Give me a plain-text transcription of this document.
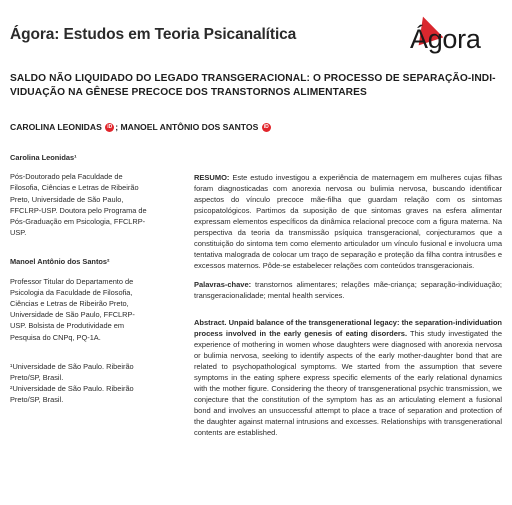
Ágora: Estudos em Teoria Psicanalítica	Ágora
SALDO NÃO LIQUIDADO DO LEGADO TRANSGERACIONAL: O PROCESSO DE SEPARAÇÃO-INDI-VIDUAÇÃO NA GÊNESE PRECOCE DOS TRANSTORNOS ALIMENTARES
CAROLINA LEONIDAS iD ; MANOEL ANTÔNIO DOS SANTOS iD
Carolina Leonidas¹
Pós-Doutorado pela Faculdade de Filosofia, Ciências e Letras de Ribeirão Preto, Universidade de São Paulo, FFCLRP-USP. Doutora pelo Programa de Pós-Graduação em Psicologia, FFCLRP-USP.
Manoel Antônio dos Santos²
Professor Titular do Departamento de Psicologia da Faculdade de Filosofia, Ciências e Letras de Ribeirão Preto, Universidade de São Paulo, FFCLRP-USP. Bolsista de Produtividade em Pesquisa do CNPq, PQ-1A.
¹Universidade de São Paulo. Ribeirão Preto/SP, Brasil.
²Universidade de São Paulo. Ribeirão Preto/SP, Brasil.

RESUMO: Este estudo investigou a experiência de maternagem em mulheres cujas filhas foram diagnosticadas com anorexia nervosa ou bulimia nervosa, buscando identificar aspectos do vínculo precoce mãe-filha que guardam relação com os sintomas psicopatológicos. Partimos da suposição de que sintomas graves na esfera alimentar expressam elementos específicos da dinâmica relacional precoce com a figura materna. Na perspectiva da teoria da transmissão psíquica transgeracional, conjecturamos que a constituição do sintoma tem como elemento articulador um vínculo fusional e involucra uma tentativa malograda de colocar um traço de separação e proteção da filha contra intrusões e excessos maternos. Pôde-se estabelecer relações com conteúdos transgeracionais.

Palavras-chave: transtornos alimentares; relações mãe-criança; separação-individuação; transgeracionalidade; mental health services.

Abstract. Unpaid balance of the transgenerational legacy: the separation-individuation process involved in the early genesis of eating disorders. This study investigated the experience of mothering in women whose daughters were diagnosed with anorexia nervosa or bulimia nervosa, seeking to identify aspects of the early mother-daughter bond that are related to psychopathological symptoms. We started from the assumption that severe symptoms in the eating sphere express specific elements of the early relational dynamics with the mother figure. Considering the theory of transgenerational psychic transmission, we conjecture that the constitution of the symptom has as an articulating element a fusional bond and involves an unsuccessful attempt to place a trace of separation and protection of the daughter against maternal intrusions and excesses. Relationships with transgenerational contents are established.
